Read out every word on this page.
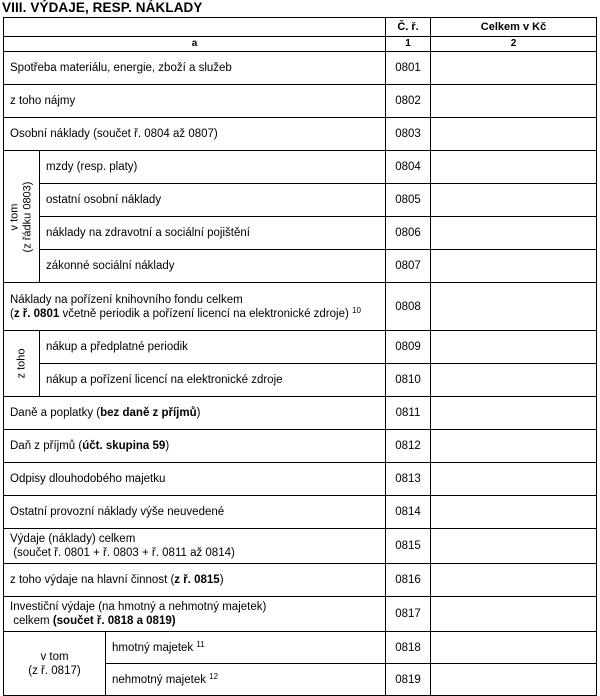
VIII. VÝDAJE, RESP. NÁKLADY
			Č. ř.	Celkem v Kč
a			1	2
Spotřeba materiálu, energie, zboží a služeb			0801	
z toho nájmy			0802	
Osobní náklady (součet ř. 0804 až 0807)			0803	

v tom
(z řádku 0803)	mzdy (resp. platy)		0804	
	ostatní osobní náklady		0805	
	náklady na zdravotní a sociální pojištění		0806	
	zákonné sociální náklady		0807	
Náklady na pořízení knihovního fondu celkem
(z ř. 0801 včetně periodik a pořízení licencí na elektronické zdroje) $^{10}$			0808	

z toho	nákup a předplatné periodik		0809	
	nákup a pořízení licencí na elektronické zdroje		0810	
Daně a poplatky (bez daně z příjmů)			0811	
Daň z příjmů (účt. skupina 59)			0812	
Odpisy dlouhodobého majetku			0813	
Ostatní provozní náklady výše neuvedené			0814	
Výdaje (náklady) celkem
(součet ř. 0801 + ř. 0803 + ř. 0811 až 0814)			0815	
z toho výdaje na hlavní činnost (z ř. 0815)			0816	
Investiční výdaje (na hmotný a nehmotný majetek)
celkem (součet ř. 0818 a 0819)			0817	
v tom
(z ř. 0817)		hmotný majetek $^{11}$	0818	
		nehmotný majetek $^{12}$	0819	
